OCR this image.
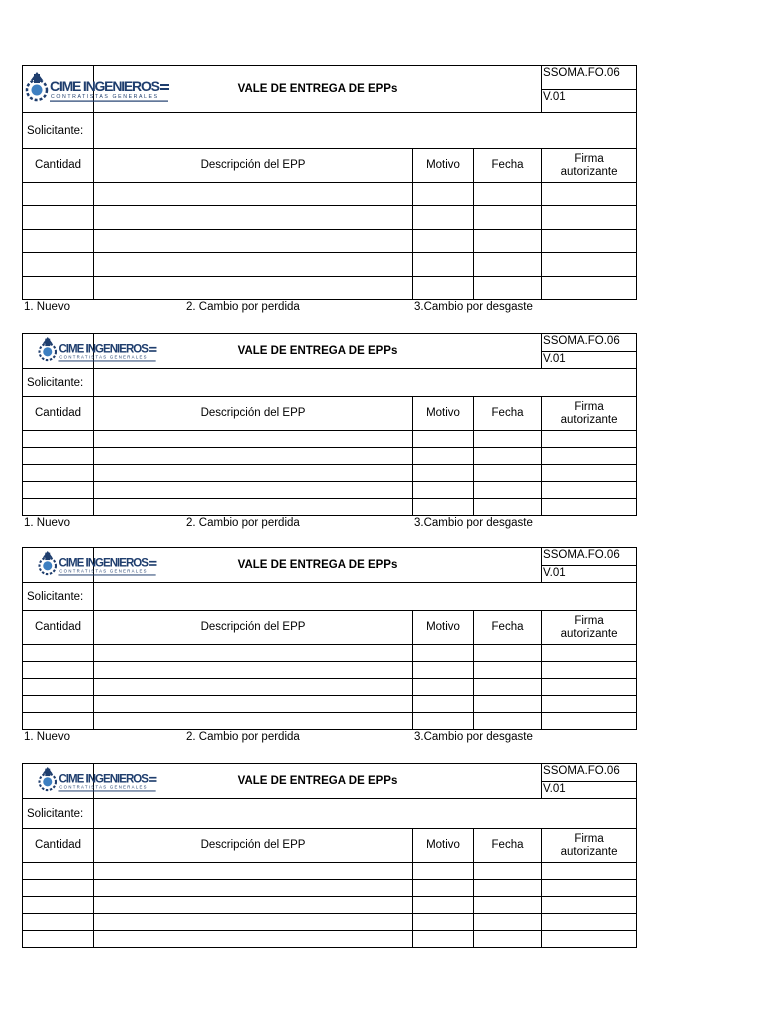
CIME INGENIEROS
CONTRATISTAS GENERALES	VALE DE ENTREGA DE EPPs			SSOMA.FO.06

				V.01

Solicitante:				
Cantidad	Descripción del EPP	Motivo	Fecha	Firma
autorizante

1. Nuevo	2. Cambio por perdida	3.Cambio por desgaste
CIME INGENIEROS
CONTRATISTAS GENERALES	VALE DE ENTREGA DE EPPs			SSOMA.FO.06

				V.01

Solicitante:				
Cantidad	Descripción del EPP	Motivo	Fecha	Firma
autorizante

1. Nuevo	2. Cambio por perdida	3.Cambio por desgaste
CIME INGENIEROS
CONTRATISTAS GENERALES	VALE DE ENTREGA DE EPPs			SSOMA.FO.06

				V.01

Solicitante:				
Cantidad	Descripción del EPP	Motivo	Fecha	Firma
autorizante

1. Nuevo	2. Cambio por perdida	3.Cambio por desgaste
CIME INGENIEROS
CONTRATISTAS GENERALES	VALE DE ENTREGA DE EPPs			SSOMA.FO.06

				V.01

Solicitante:				
Cantidad	Descripción del EPP	Motivo	Fecha	Firma
autorizante
